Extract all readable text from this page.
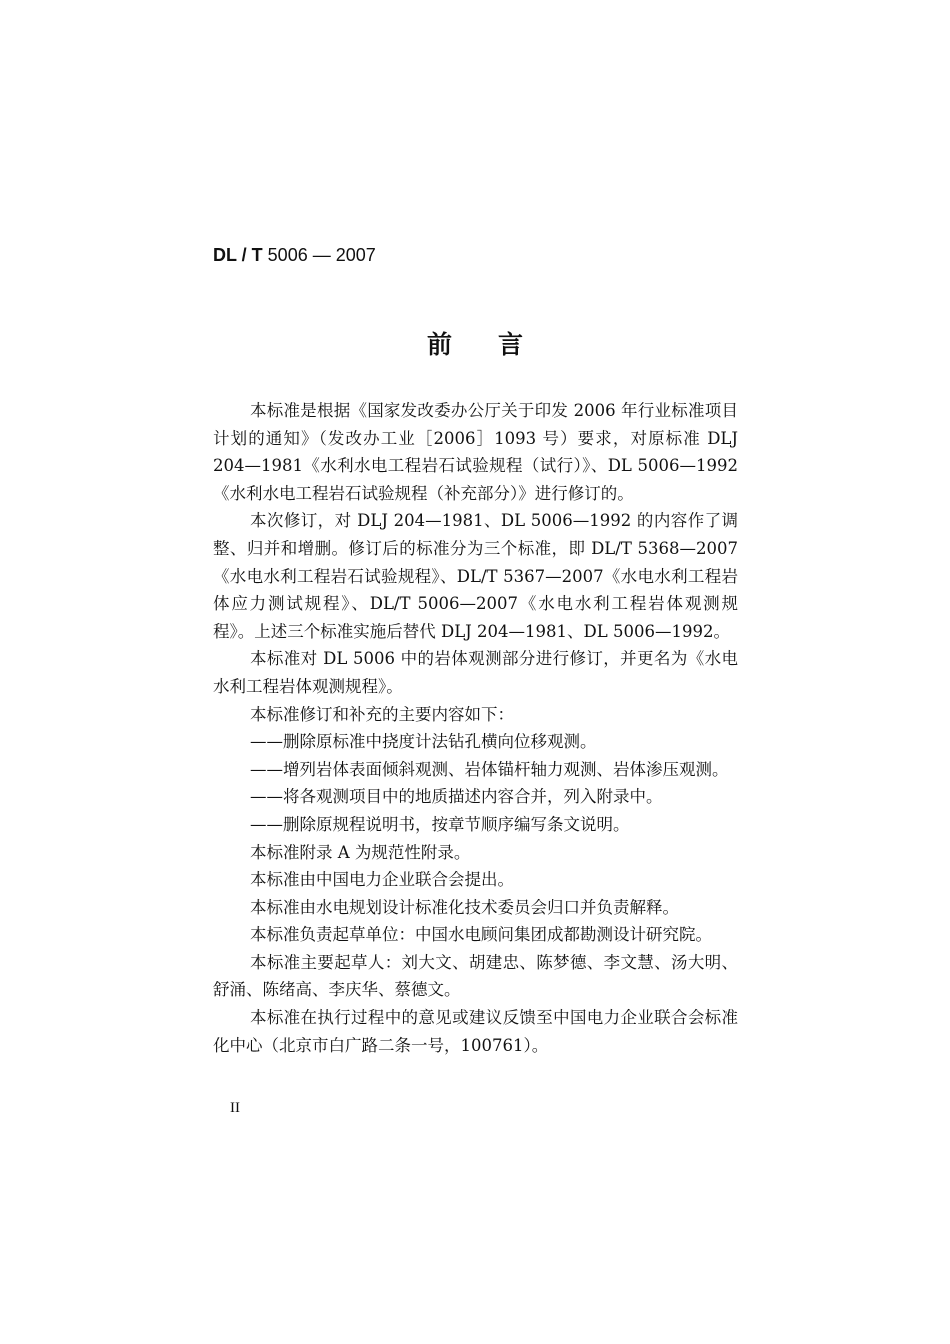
DL / T 5006 — 2007
前言

本标准是根据《国家发改委办公厅关于印发 2006 年行业标准项目计划的通知》（发改办工业［2006］1093 号）要求，对原标准 DLJ 204—1981《水利水电工程岩石试验规程（试行）》、DL 5006—1992《水利水电工程岩石试验规程（补充部分）》进行修订的。

本次修订，对 DLJ 204—1981、DL 5006—1992 的内容作了调整、归并和增删。修订后的标准分为三个标准，即 DL/T 5368—2007《水电水利工程岩石试验规程》、DL/T 5367—2007《水电水利工程岩体应力测试规程》、DL/T 5006—2007《水电水利工程岩体观测规程》。上述三个标准实施后替代 DLJ 204—1981、DL 5006—1992。

本标准对 DL 5006 中的岩体观测部分进行修订，并更名为《水电水利工程岩体观测规程》。

本标准修订和补充的主要内容如下：

——删除原标准中挠度计法钻孔横向位移观测。

——增列岩体表面倾斜观测、岩体锚杆轴力观测、岩体渗压观测。

——将各观测项目中的地质描述内容合并，列入附录中。

——删除原规程说明书，按章节顺序编写条文说明。

本标准附录 A 为规范性附录。

本标准由中国电力企业联合会提出。

本标准由水电规划设计标准化技术委员会归口并负责解释。

本标准负责起草单位：中国水电顾问集团成都勘测设计研究院。

本标准主要起草人：刘大文、胡建忠、陈梦德、李文慧、汤大明、舒涌、陈绪高、李庆华、蔡德文。

本标准在执行过程中的意见或建议反馈至中国电力企业联合会标准化中心（北京市白广路二条一号，100761）。

II
